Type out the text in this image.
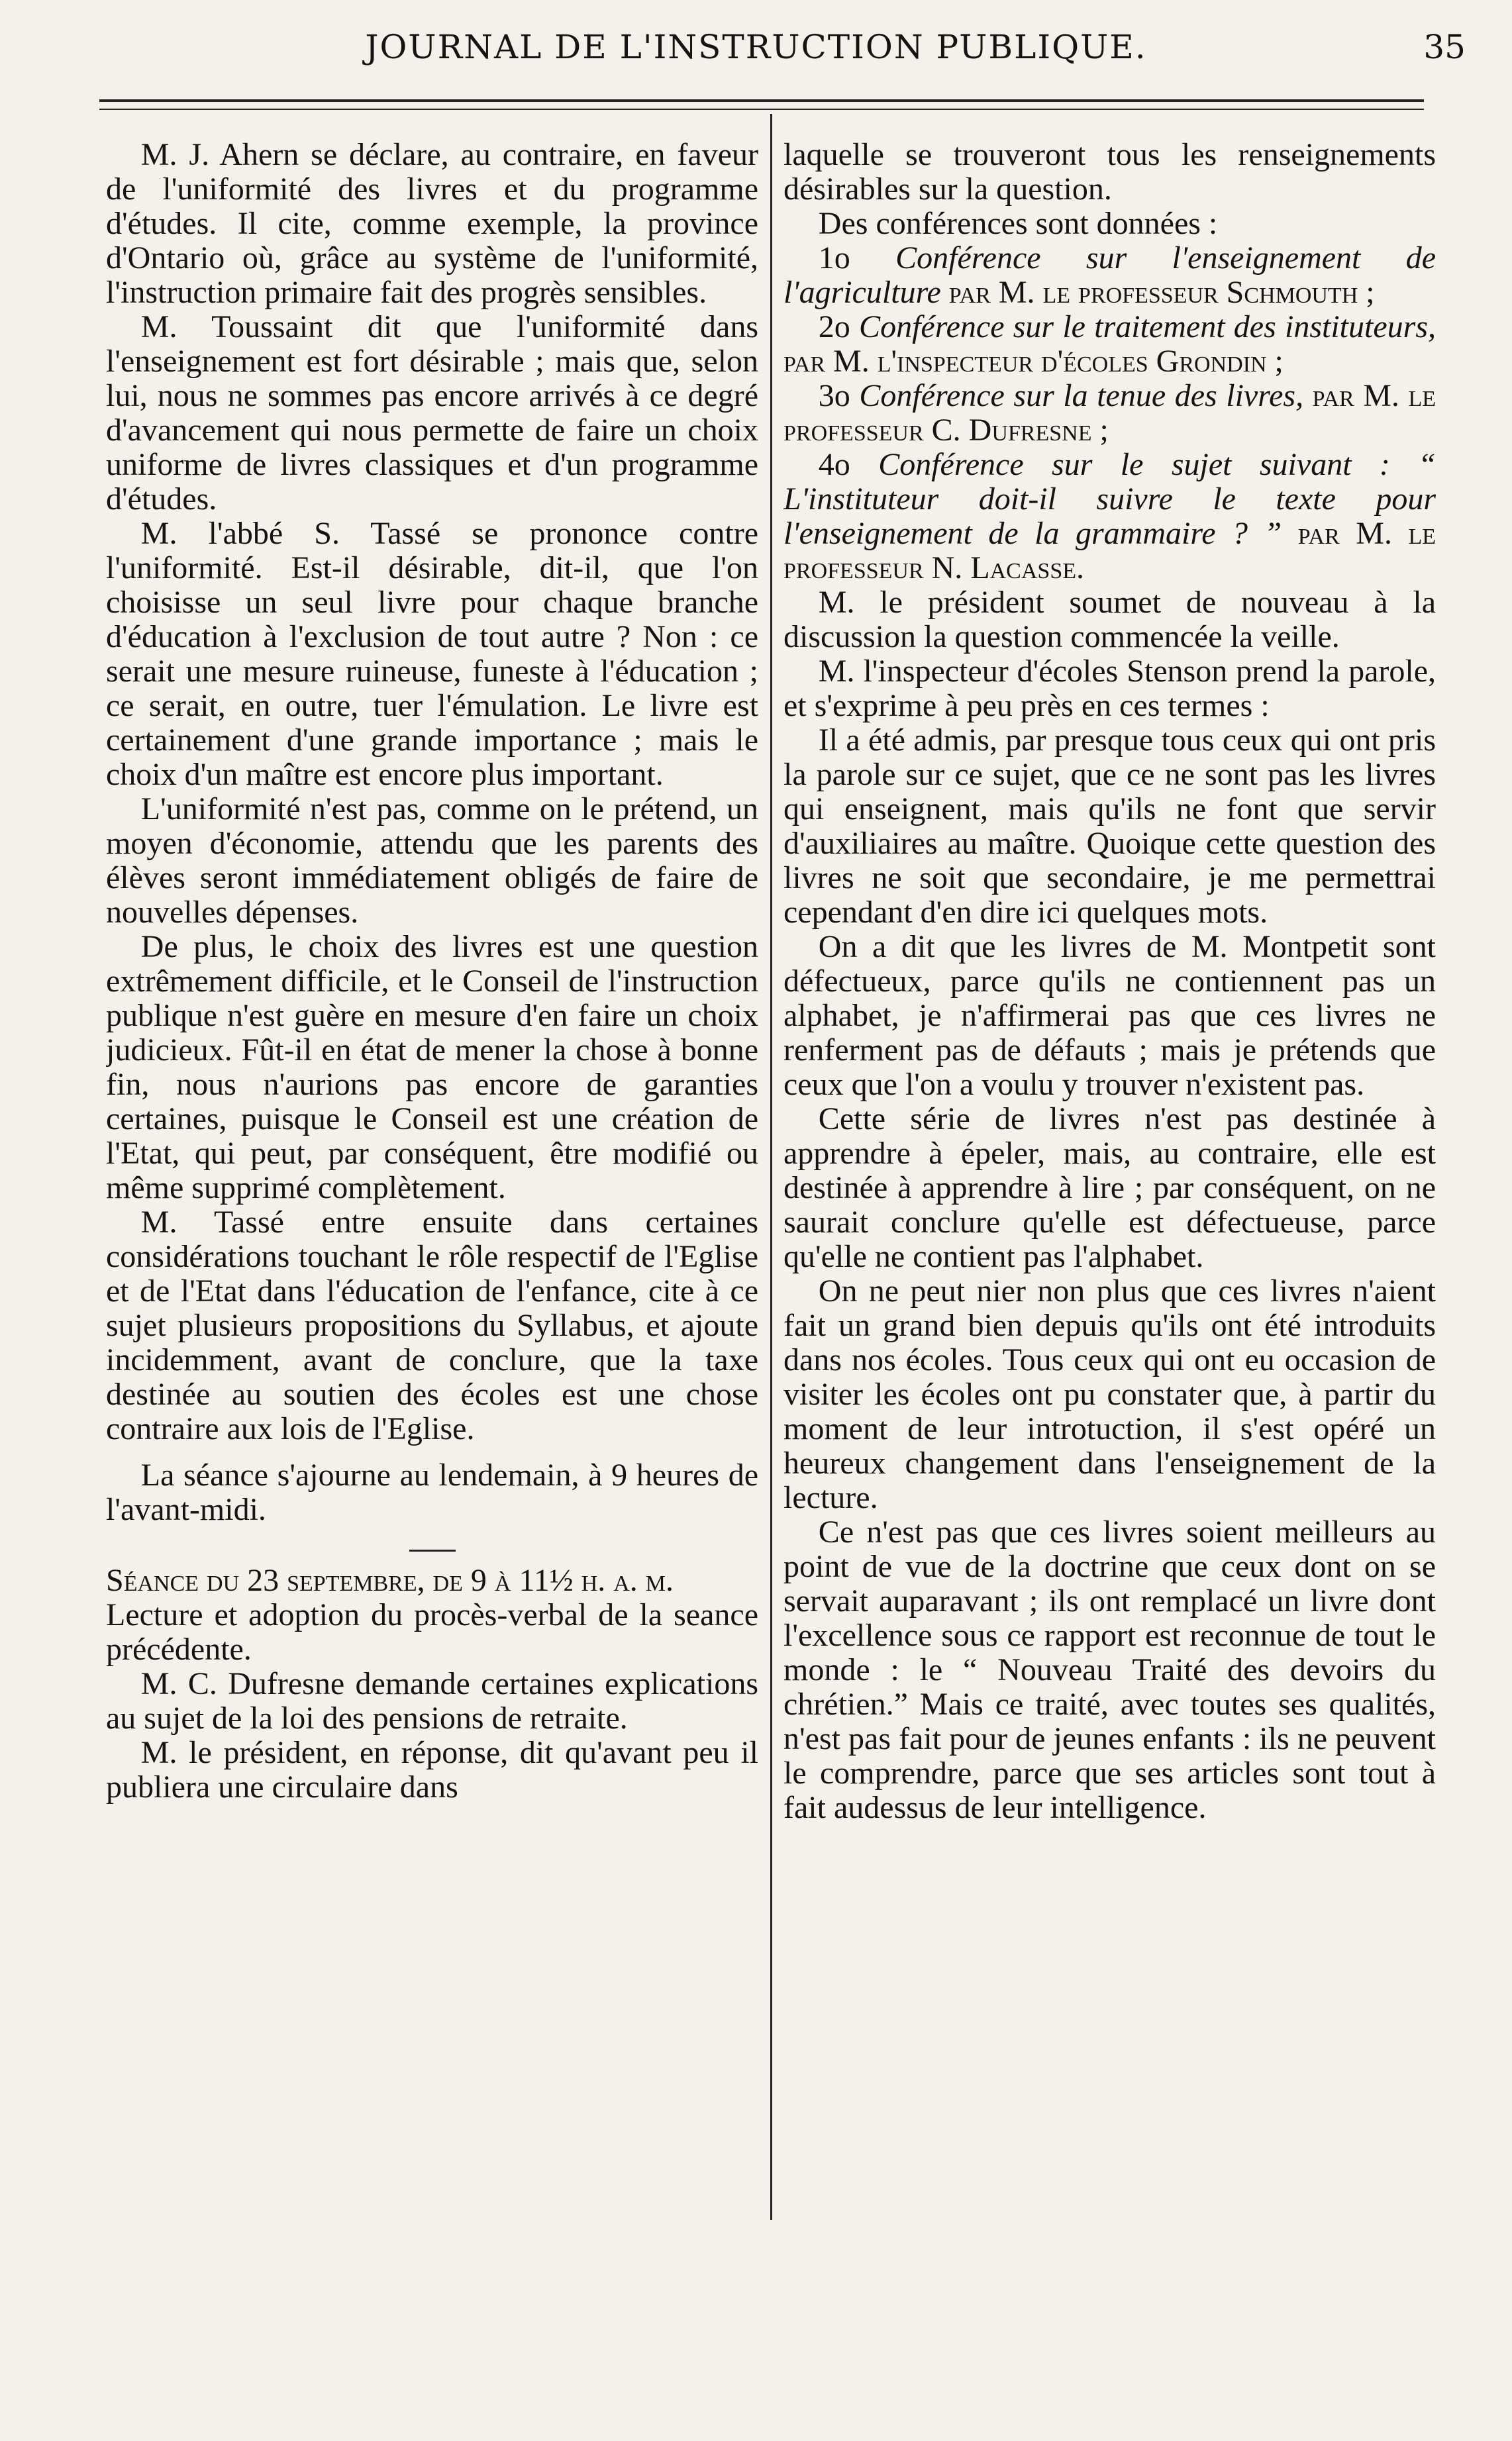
JOURNAL DE L'INSTRUCTION PUBLIQUE.	35

M. J. Ahern se déclare, au contraire, en faveur de l'uniformité des livres et du programme d'études. Il cite, comme exemple, la province d'Ontario où, grâce au système de l'uniformité, l'instruction primaire fait des progrès sensibles.

M. Toussaint dit que l'uniformité dans l'enseignement est fort désirable ; mais que, selon lui, nous ne sommes pas encore arrivés à ce degré d'avancement qui nous permette de faire un choix uniforme de livres classiques et d'un programme d'études.

M. l'abbé S. Tassé se prononce contre l'uniformité. Est-il désirable, dit-il, que l'on choisisse un seul livre pour chaque branche d'éducation à l'exclusion de tout autre ? Non : ce serait une mesure ruineuse, funeste à l'éducation ; ce serait, en outre, tuer l'émulation. Le livre est certainement d'une grande importance ; mais le choix d'un maître est encore plus important.

L'uniformité n'est pas, comme on le prétend, un moyen d'économie, attendu que les parents des élèves seront immédiatement obligés de faire de nouvelles dépenses.

De plus, le choix des livres est une question extrêmement difficile, et le Conseil de l'instruction publique n'est guère en mesure d'en faire un choix judicieux. Fût-il en état de mener la chose à bonne fin, nous n'aurions pas encore de garanties certaines, puisque le Conseil est une création de l'Etat, qui peut, par conséquent, être modifié ou même supprimé complètement.

M. Tassé entre ensuite dans certaines considérations touchant le rôle respectif de l'Eglise et de l'Etat dans l'éducation de l'enfance, cite à ce sujet plusieurs propositions du Syllabus, et ajoute incidemment, avant de conclure, que la taxe destinée au soutien des écoles est une chose contraire aux lois de l'Eglise.

La séance s'ajourne au lendemain, à 9 heures de l'avant-midi.

Séance du 23 septembre, de 9 à 11½ h. a. m.

Lecture et adoption du procès-verbal de la seance précédente.

M. C. Dufresne demande certaines explications au sujet de la loi des pensions de retraite.

M. le président, en réponse, dit qu'avant peu il publiera une circulaire dans

laquelle se trouveront tous les renseignements désirables sur la question.

Des conférences sont données :

1o Conférence sur l'enseignement de l'agriculture par M. le professeur Schmouth ;

2o Conférence sur le traitement des instituteurs, par M. l'inspecteur d'écoles Grondin ;

3o Conférence sur la tenue des livres, par M. le professeur C. Dufresne ;

4o Conférence sur le sujet suivant : “ L'instituteur doit-il suivre le texte pour l'enseignement de la grammaire ? ” par M. le professeur N. Lacasse.

M. le président soumet de nouveau à la discussion la question commencée la veille.

M. l'inspecteur d'écoles Stenson prend la parole, et s'exprime à peu près en ces termes :

Il a été admis, par presque tous ceux qui ont pris la parole sur ce sujet, que ce ne sont pas les livres qui enseignent, mais qu'ils ne font que servir d'auxiliaires au maître. Quoique cette question des livres ne soit que secondaire, je me permettrai cependant d'en dire ici quelques mots.

On a dit que les livres de M. Montpetit sont défectueux, parce qu'ils ne contiennent pas un alphabet, je n'affirmerai pas que ces livres ne renferment pas de défauts ; mais je prétends que ceux que l'on a voulu y trouver n'existent pas.

Cette série de livres n'est pas destinée à apprendre à épeler, mais, au contraire, elle est destinée à apprendre à lire ; par conséquent, on ne saurait conclure qu'elle est défectueuse, parce qu'elle ne contient pas l'alphabet.

On ne peut nier non plus que ces livres n'aient fait un grand bien depuis qu'ils ont été introduits dans nos écoles. Tous ceux qui ont eu occasion de visiter les écoles ont pu constater que, à partir du moment de leur introtuction, il s'est opéré un heureux changement dans l'enseignement de la lecture.

Ce n'est pas que ces livres soient meilleurs au point de vue de la doctrine que ceux dont on se servait auparavant ; ils ont remplacé un livre dont l'excellence sous ce rapport est reconnue de tout le monde : le “ Nouveau Traité des devoirs du chrétien.” Mais ce traité, avec toutes ses qualités, n'est pas fait pour de jeunes enfants : ils ne peuvent le comprendre, parce que ses articles sont tout à fait audessus de leur intelligence.
